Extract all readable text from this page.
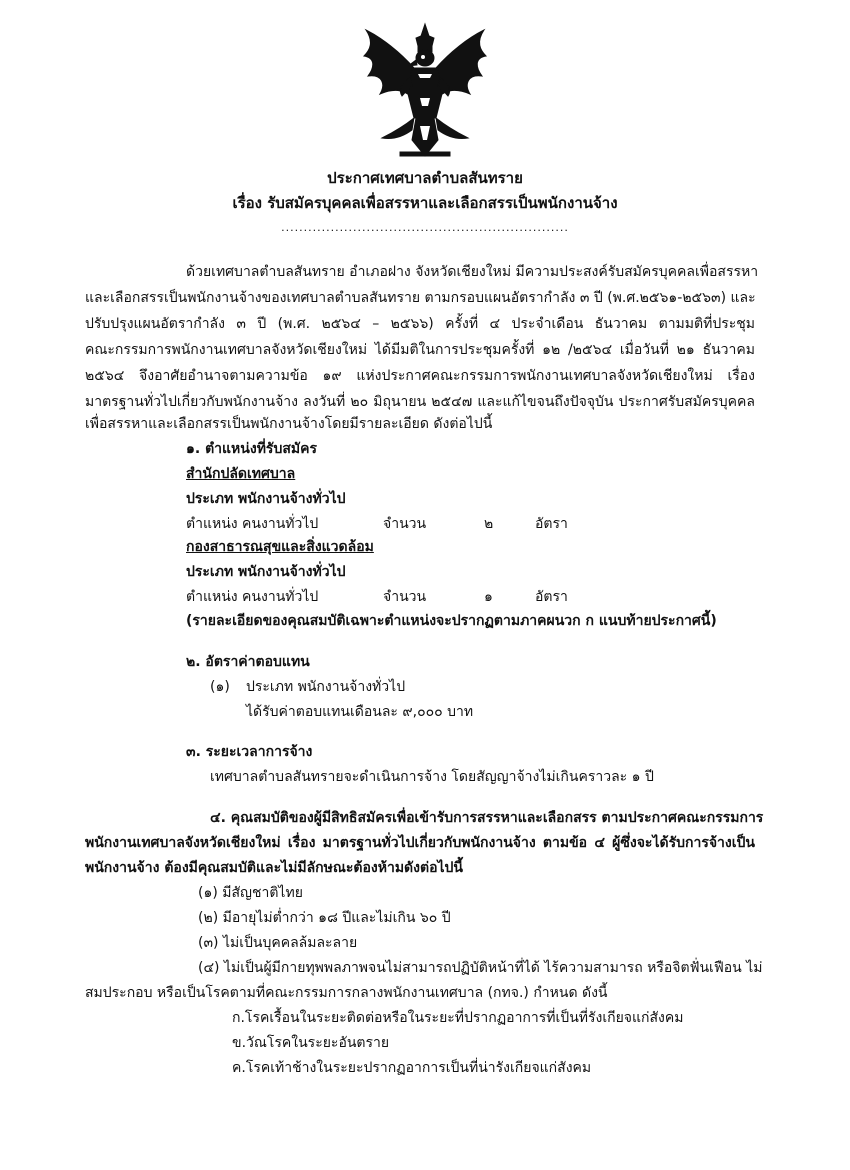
ประกาศเทศบาลตำบลสันทราย
เรื่อง รับสมัครบุคคลเพื่อสรรหาและเลือกสรรเป็นพนักงานจ้าง
................................................................
ด้วยเทศบาลตำบลสันทราย อำเภอฝาง จังหวัดเชียงใหม่ มีความประสงค์รับสมัครบุคคลเพื่อสรรหา
และเลือกสรรเป็นพนักงานจ้างของเทศบาลตำบลสันทราย ตามกรอบแผนอัตรากำลัง ๓ ปี (พ.ศ.๒๕๖๑-๒๕๖๓) และ
ปรับปรุงแผนอัตรากำลัง ๓ ปี (พ.ศ. ๒๕๖๔ – ๒๕๖๖) ครั้งที่ ๔ ประจำเดือน ธันวาคม ตามมติที่ประชุม
คณะกรรมการพนักงานเทศบาลจังหวัดเชียงใหม่ ได้มีมติในการประชุมครั้งที่ ๑๒ /๒๕๖๔ เมื่อวันที่ ๒๑ ธันวาคม
๒๕๖๔ จึงอาศัยอำนาจตามความข้อ ๑๙ แห่งประกาศคณะกรรมการพนักงานเทศบาลจังหวัดเชียงใหม่ เรื่อง
มาตรฐานทั่วไปเกี่ยวกับพนักงานจ้าง ลงวันที่ ๒๐ มิถุนายน ๒๕๔๗ และแก้ไขจนถึงปัจจุบัน ประกาศรับสมัครบุคคล
เพื่อสรรหาและเลือกสรรเป็นพนักงานจ้างโดยมีรายละเอียด ดังต่อไปนี้
๑. ตำแหน่งที่รับสมัคร
สำนักปลัดเทศบาล
ประเภท พนักงานจ้างทั่วไป
ตำแหน่ง คนงานทั่วไป	จำนวน	๒	อัตรา
กองสาธารณสุขและสิ่งแวดล้อม
ประเภท พนักงานจ้างทั่วไป
ตำแหน่ง คนงานทั่วไป	จำนวน	๑	อัตรา
(รายละเอียดของคุณสมบัติเฉพาะตำแหน่งจะปรากฏตามภาคผนวก ก แนบท้ายประกาศนี้)
๒. อัตราค่าตอบแทน
(๑) ประเภท พนักงานจ้างทั่วไป
ได้รับค่าตอบแทนเดือนละ ๙,๐๐๐ บาท
๓. ระยะเวลาการจ้าง
เทศบาลตำบลสันทรายจะดำเนินการจ้าง โดยสัญญาจ้างไม่เกินคราวละ ๑ ปี
๔. คุณสมบัติของผู้มีสิทธิสมัครเพื่อเข้ารับการสรรหาและเลือกสรร ตามประกาศคณะกรรมการ
พนักงานเทศบาลจังหวัดเชียงใหม่ เรื่อง มาตรฐานทั่วไปเกี่ยวกับพนักงานจ้าง ตามข้อ ๔ ผู้ซึ่งจะได้รับการจ้างเป็น
พนักงานจ้าง ต้องมีคุณสมบัติและไม่มีลักษณะต้องห้ามดังต่อไปนี้
(๑) มีสัญชาติไทย
(๒) มีอายุไม่ต่ำกว่า ๑๘ ปีและไม่เกิน ๖๐ ปี
(๓) ไม่เป็นบุคคลล้มละลาย
(๔) ไม่เป็นผู้มีกายทุพพลภาพจนไม่สามารถปฏิบัติหน้าที่ได้ ไร้ความสามารถ หรือจิตฟั่นเฟือน ไม่
สมประกอบ หรือเป็นโรคตามที่คณะกรรมการกลางพนักงานเทศบาล (กทจ.) กำหนด ดังนี้
ก.โรคเรื้อนในระยะติดต่อหรือในระยะที่ปรากฏอาการที่เป็นที่รังเกียจแก่สังคม
ข.วัณโรคในระยะอันตราย
ค.โรคเท้าช้างในระยะปรากฏอาการเป็นที่น่ารังเกียจแก่สังคม
